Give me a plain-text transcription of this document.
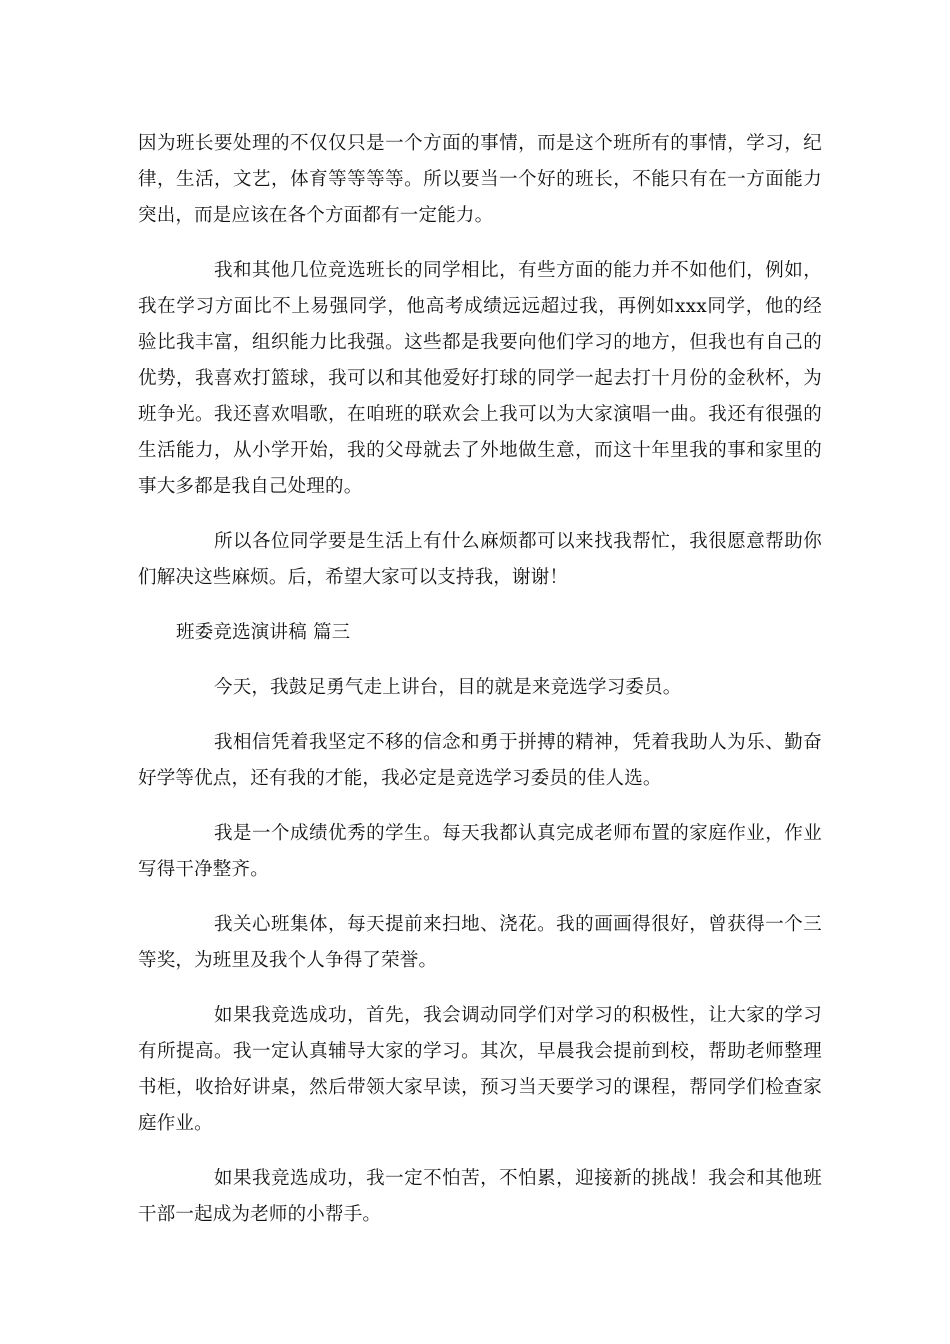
因为班长要处理的不仅仅只是一个方面的事情，而是这个班所有的事情，学习，纪律，生活，文艺，体育等等等等。所以要当一个好的班长，不能只有在一方面能力突出，而是应该在各个方面都有一定能力。

我和其他几位竞选班长的同学相比，有些方面的能力并不如他们，例如，我在学习方面比不上易强同学，他高考成绩远远超过我，再例如xxx同学，他的经验比我丰富，组织能力比我强。这些都是我要向他们学习的地方，但我也有自己的优势，我喜欢打篮球，我可以和其他爱好打球的同学一起去打十月份的金秋杯，为班争光。我还喜欢唱歌，在咱班的联欢会上我可以为大家演唱一曲。我还有很强的生活能力，从小学开始，我的父母就去了外地做生意，而这十年里我的事和家里的事大多都是我自己处理的。

所以各位同学要是生活上有什么麻烦都可以来找我帮忙，我很愿意帮助你们解决这些麻烦。后，希望大家可以支持我，谢谢！

班委竞选演讲稿 篇三

今天，我鼓足勇气走上讲台，目的就是来竞选学习委员。

我相信凭着我坚定不移的信念和勇于拼搏的精神，凭着我助人为乐、勤奋好学等优点，还有我的才能，我必定是竞选学习委员的佳人选。

我是一个成绩优秀的学生。每天我都认真完成老师布置的家庭作业，作业写得干净整齐。

我关心班集体，每天提前来扫地、浇花。我的画画得很好，曾获得一个三等奖，为班里及我个人争得了荣誉。

如果我竞选成功，首先，我会调动同学们对学习的积极性，让大家的学习有所提高。我一定认真辅导大家的学习。其次，早晨我会提前到校，帮助老师整理书柜，收拾好讲桌，然后带领大家早读，预习当天要学习的课程，帮同学们检查家庭作业。

如果我竞选成功，我一定不怕苦，不怕累，迎接新的挑战！我会和其他班干部一起成为老师的小帮手。
